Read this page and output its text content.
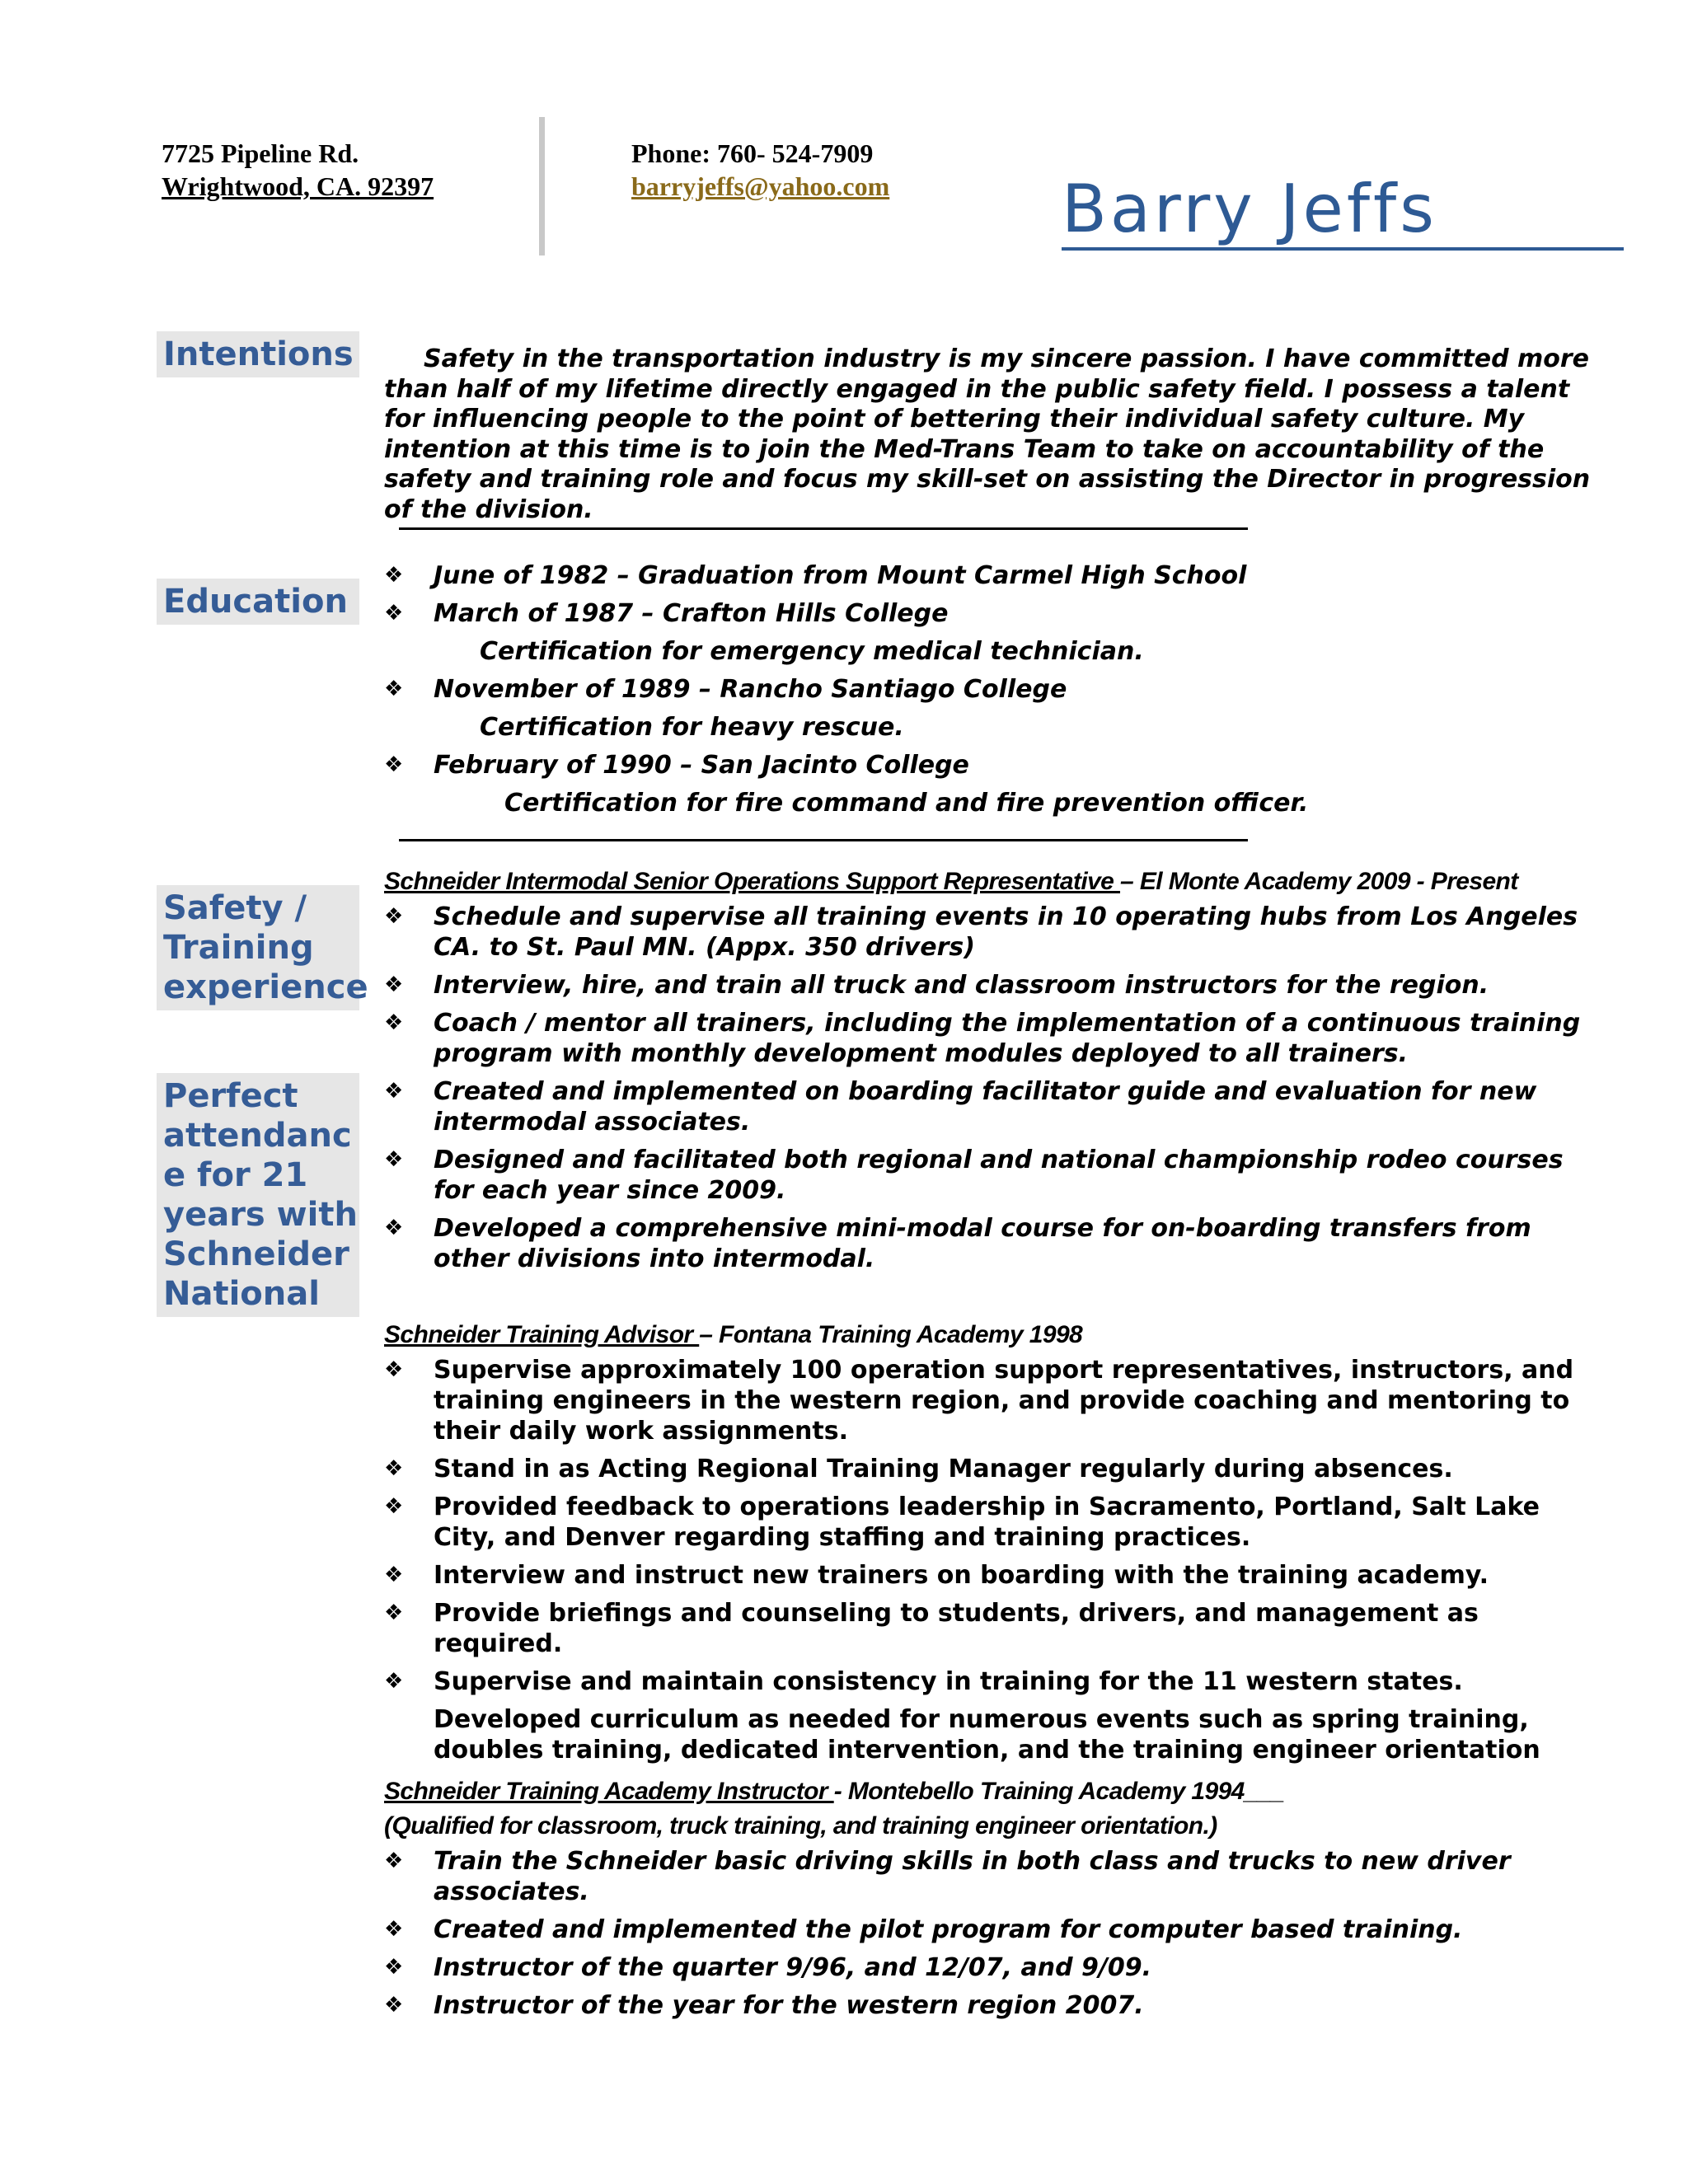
7725 Pipeline Rd.
Wrightwood, CA. 92397
Phone: 760- 524-7909
barryjeffs@yahoo.com	Barry Jeffs
Intentions
Education
Safety /
Training
experience
Perfect
attendanc
e for 21
years with
Schneider
National
Safety in the transportation industry is my sincere passion. I have committed more than half of my lifetime directly engaged in the public safety field. I possess a talent for influencing people to the point of bettering their individual safety culture. My intention at this time is to join the Med-Trans Team to take on accountability of the safety and training role and focus my skill-set on assisting the Director in progression of the division.
❖ June of 1982 – Graduation from Mount Carmel High School
❖ March of 1987 – Crafton Hills College
Certification for emergency medical technician.
❖ November of 1989 – Rancho Santiago College
Certification for heavy rescue.
❖ February of 1990 – San Jacinto College
Certification for fire command and fire prevention officer.
Schneider Intermodal Senior Operations Support Representative – El Monte Academy 2009 - Present
❖ Schedule and supervise all training events in 10 operating hubs from Los Angeles CA. to St. Paul MN. (Appx. 350 drivers)
❖ Interview, hire, and train all truck and classroom instructors for the region.
❖ Coach / mentor all trainers, including the implementation of a continuous training program with monthly development modules deployed to all trainers.
❖ Created and implemented on boarding facilitator guide and evaluation for new intermodal associates.
❖ Designed and facilitated both regional and national championship rodeo courses for each year since 2009.
❖ Developed a comprehensive mini-modal course for on-boarding transfers from other divisions into intermodal.
Schneider Training Advisor – Fontana Training Academy 1998
❖ Supervise approximately 100 operation support representatives, instructors, and training engineers in the western region, and provide coaching and mentoring to their daily work assignments.
❖ Stand in as Acting Regional Training Manager regularly during absences.
❖ Provided feedback to operations leadership in Sacramento, Portland, Salt Lake City, and Denver regarding staffing and training practices.
❖ Interview and instruct new trainers on boarding with the training academy.
❖ Provide briefings and counseling to students, drivers, and management as required.
❖ Supervise and maintain consistency in training for the 11 western states.
Developed curriculum as needed for numerous events such as spring training, doubles training, dedicated intervention, and the training engineer orientation
Schneider Training Academy Instructor - Montebello Training Academy 1994___
(Qualified for classroom, truck training, and training engineer orientation.)
❖ Train the Schneider basic driving skills in both class and trucks to new driver associates.
❖ Created and implemented the pilot program for computer based training.
❖ Instructor of the quarter 9/96, and 12/07, and 9/09.
❖ Instructor of the year for the western region 2007.
